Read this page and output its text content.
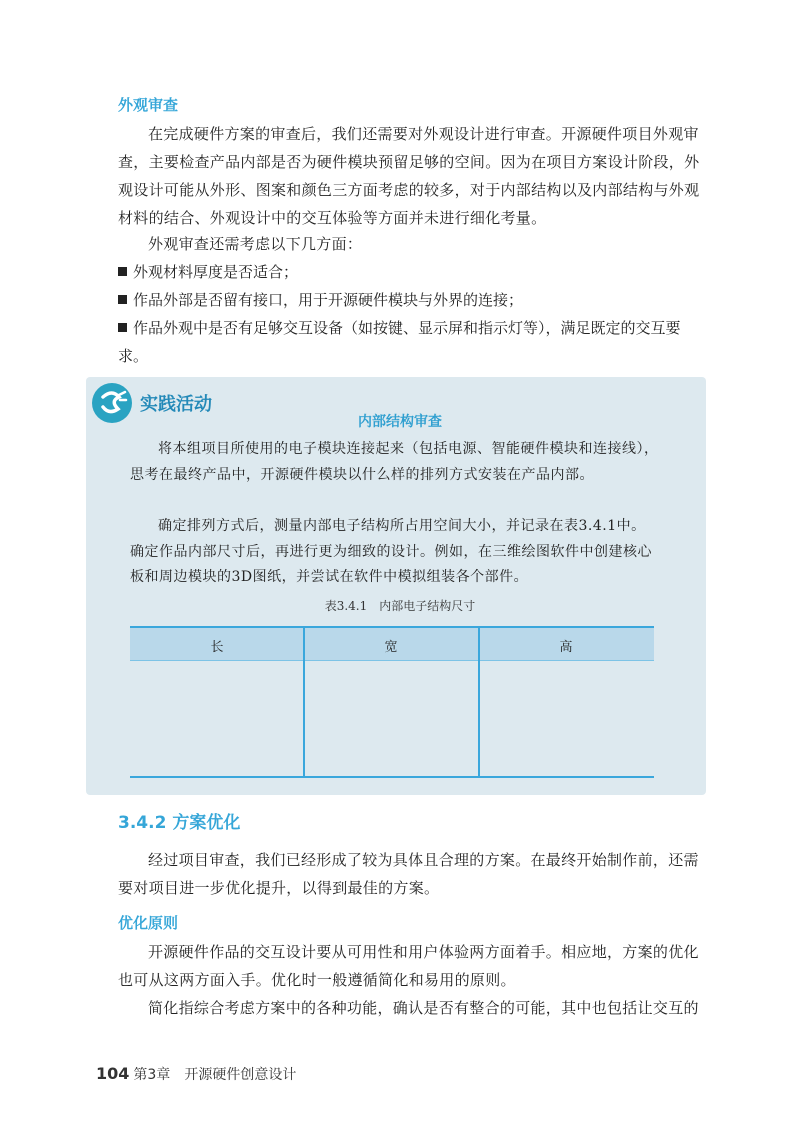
外观审查
在完成硬件方案的审查后，我们还需要对外观设计进行审查。开源硬件项目外观审查，主要检查产品内部是否为硬件模块预留足够的空间。因为在项目方案设计阶段，外观设计可能从外形、图案和颜色三方面考虑的较多，对于内部结构以及内部结构与外观材料的结合、外观设计中的交互体验等方面并未进行细化考量。
外观审查还需考虑以下几方面：
外观材料厚度是否适合；
作品外部是否留有接口，用于开源硬件模块与外界的连接；
作品外观中是否有足够交互设备（如按键、显示屏和指示灯等），满足既定的交互要求。
实践活动
内部结构审查
将本组项目所使用的电子模块连接起来（包括电源、智能硬件模块和连接线），思考在最终产品中，开源硬件模块以什么样的排列方式安装在产品内部。
确定排列方式后，测量内部电子结构所占用空间大小，并记录在表3.4.1中。确定作品内部尺寸后，再进行更为细致的设计。例如，在三维绘图软件中创建核心板和周边模块的3D图纸，并尝试在软件中模拟组装各个部件。
表3.4.1　内部电子结构尺寸
长	宽	高
3.4.2 方案优化
经过项目审查，我们已经形成了较为具体且合理的方案。在最终开始制作前，还需要对项目进一步优化提升，以得到最佳的方案。
优化原则
开源硬件作品的交互设计要从可用性和用户体验两方面着手。相应地，方案的优化也可从这两方面入手。优化时一般遵循简化和易用的原则。
简化指综合考虑方案中的各种功能，确认是否有整合的可能，其中也包括让交互的
104 第3章　开源硬件创意设计
